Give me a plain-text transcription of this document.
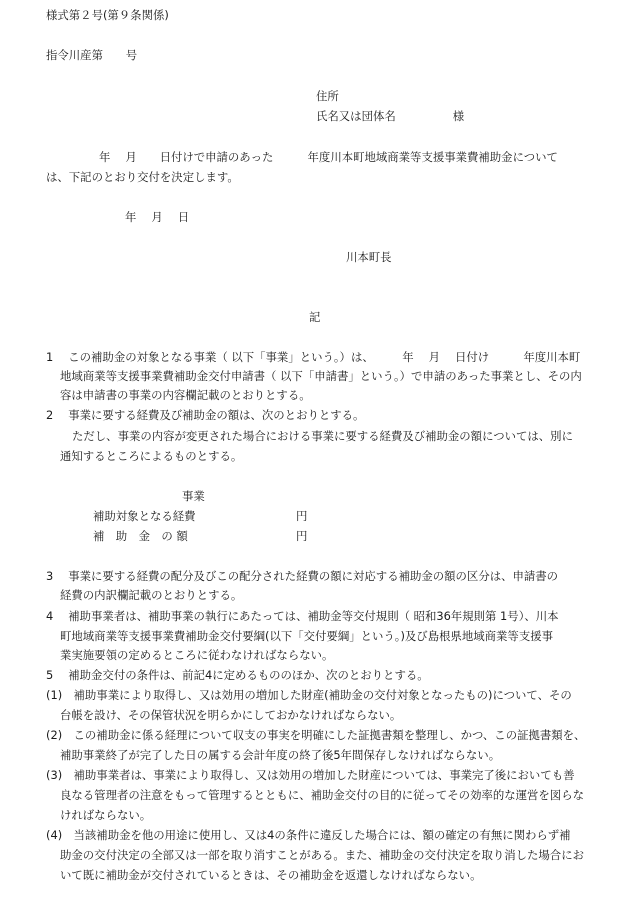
様式第２号(第９条関係)
指令川産第　　号
住所
氏名又は団体名　　　　　様
年　 月　　日付けで申請のあった　　　年度川本町地域商業等支援事業費補助金について
は、下記のとおり交付を決定します。
年　 月　 日
川本町長
記
1　 この補助金の対象となる事業（ 以下「事業」という。）は、　　　年　 月　 日付け　　　年度川本町
地域商業等支援事業費補助金交付申請書（ 以下「申請書」という。）で申請のあった事業とし、その内
容は申請書の事業の内容欄記載のとおりとする。
2　 事業に要する経費及び補助金の額は、次のとおりとする。
ただし、事業の内容が変更された場合における事業に要する経費及び補助金の額については、別に
通知するところによるものとする。
事業
補助対象となる経費	円
補　助　金　の 額	円
3　 事業に要する経費の配分及びこの配分された経費の額に対応する補助金の額の区分は、申請書の
経費の内訳欄記載のとおりとする。
4　 補助事業者は、補助事業の執行にあたっては、補助金等交付規則（ 昭和36年規則第 1号）、川本
町地域商業等支援事業費補助金交付要綱(以下「交付要綱」という。)及び島根県地域商業等支援事
業実施要領の定めるところに従わなければならない。
5　 補助金交付の条件は、前記4に定めるもののほか、次のとおりとする。
(1)　補助事業により取得し、又は効用の増加した財産(補助金の交付対象となったもの)について、その
台帳を設け、その保管状況を明らかにしておかなければならない。
(2)　この補助金に係る経理について収支の事実を明確にした証拠書類を整理し、かつ、この証拠書類を、
補助事業終了が完了した日の属する会計年度の終了後5年間保存しなければならない。
(3)　補助事業者は、事業により取得し、又は効用の増加した財産については、事業完了後においても善
良なる管理者の注意をもって管理するとともに、補助金交付の目的に従ってその効率的な運営を図らな
ければならない。
(4)　当該補助金を他の用途に使用し、又は4の条件に違反した場合には、額の確定の有無に関わらず補
助金の交付決定の全部又は一部を取り消すことがある。また、補助金の交付決定を取り消した場合にお
いて既に補助金が交付されているときは、その補助金を返還しなければならない。
